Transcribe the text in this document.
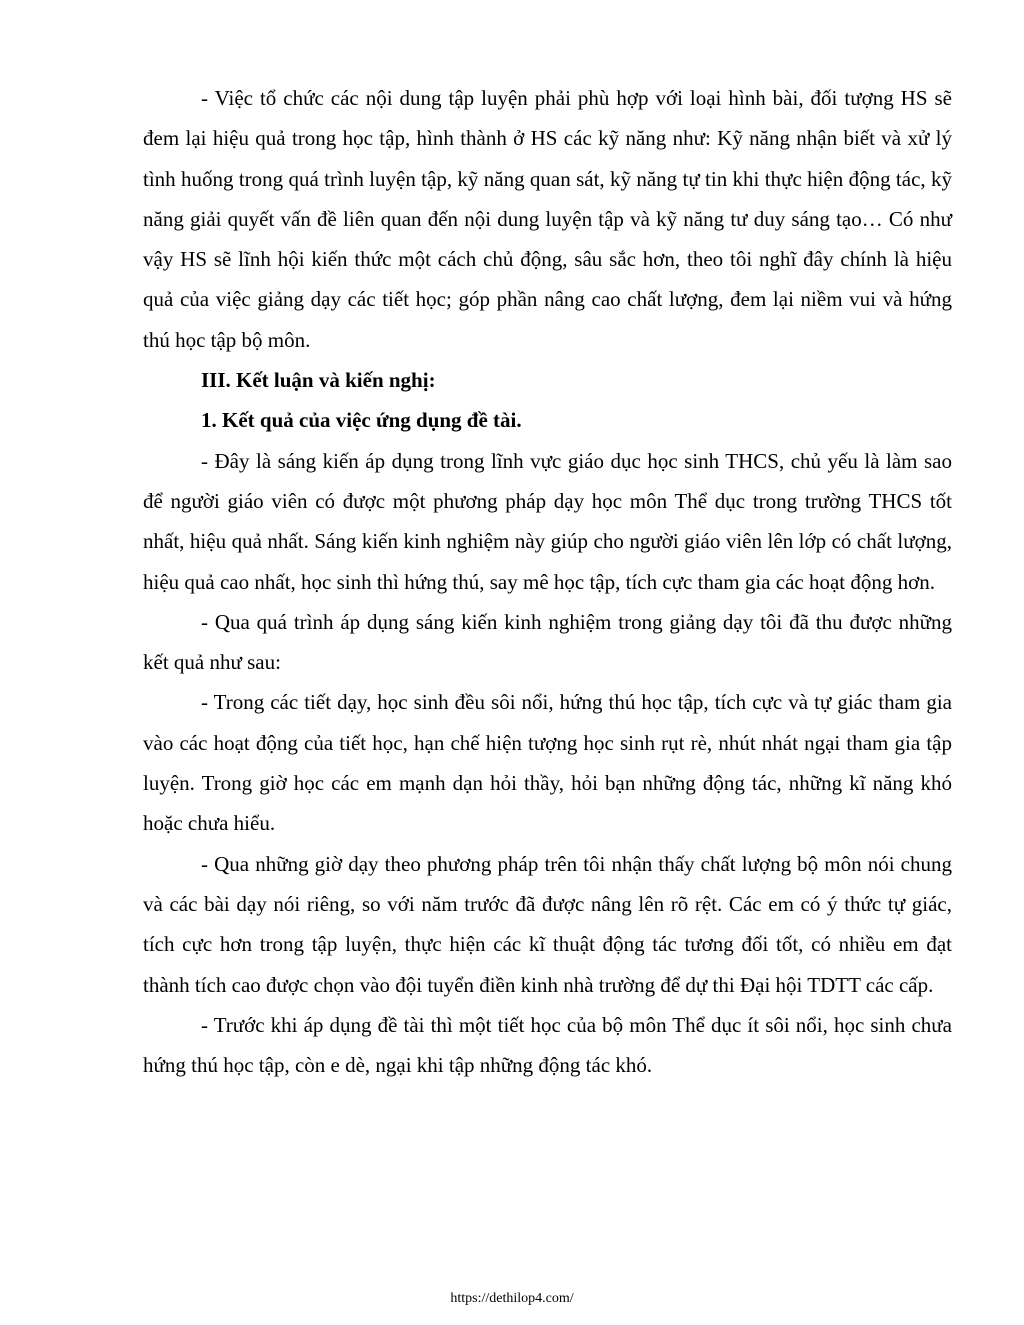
- Việc tổ chức các nội dung tập luyện phải phù hợp với loại hình bài, đối tượng HS sẽ đem lại hiệu quả trong học tập, hình thành ở HS các kỹ năng như: Kỹ năng nhận biết và xử lý tình huống trong quá trình luyện tập, kỹ năng quan sát, kỹ năng tự tin khi thực hiện động tác, kỹ năng giải quyết vấn đề liên quan đến nội dung luyện tập và kỹ năng tư duy sáng tạo… Có như vậy HS sẽ lĩnh hội kiến thức một cách chủ động, sâu sắc hơn, theo tôi nghĩ đây chính là hiệu quả của việc giảng dạy các tiết học; góp phần nâng cao chất lượng, đem lại niềm vui và hứng thú học tập bộ môn.

III. Kết luận và kiến nghị:

1. Kết quả của việc ứng dụng đề tài.

- Đây là sáng kiến áp dụng trong lĩnh vực giáo dục học sinh THCS, chủ yếu là làm sao để người giáo viên có được một phương pháp dạy học môn Thể dục trong trường THCS tốt nhất, hiệu quả nhất. Sáng kiến kinh nghiệm này giúp cho người giáo viên lên lớp có chất lượng, hiệu quả cao nhất, học sinh thì hứng thú, say mê học tập, tích cực tham gia các hoạt động hơn.

- Qua quá trình áp dụng sáng kiến kinh nghiệm trong giảng dạy tôi đã thu được những kết quả như sau:

- Trong các tiết dạy, học sinh đều sôi nổi, hứng thú học tập, tích cực và tự giác tham gia vào các hoạt động của tiết học, hạn chế hiện tượng học sinh rụt rè, nhút nhát ngại tham gia tập luyện. Trong giờ học các em mạnh dạn hỏi thầy, hỏi bạn những động tác, những kĩ năng khó hoặc chưa hiểu.

- Qua những giờ dạy theo phương pháp trên tôi nhận thấy chất lượng bộ môn nói chung và các bài dạy nói riêng, so với năm trước đã được nâng lên rõ rệt. Các em có ý thức tự giác, tích cực hơn trong tập luyện, thực hiện các kĩ thuật động tác tương đối tốt, có nhiều em đạt thành tích cao được chọn vào đội tuyển điền kinh nhà trường để dự thi Đại hội TDTT các cấp.

- Trước khi áp dụng đề tài thì một tiết học của bộ môn Thể dục ít sôi nổi, học sinh chưa hứng thú học tập, còn e dè, ngại khi tập những động tác khó.

https://dethilop4.com/
